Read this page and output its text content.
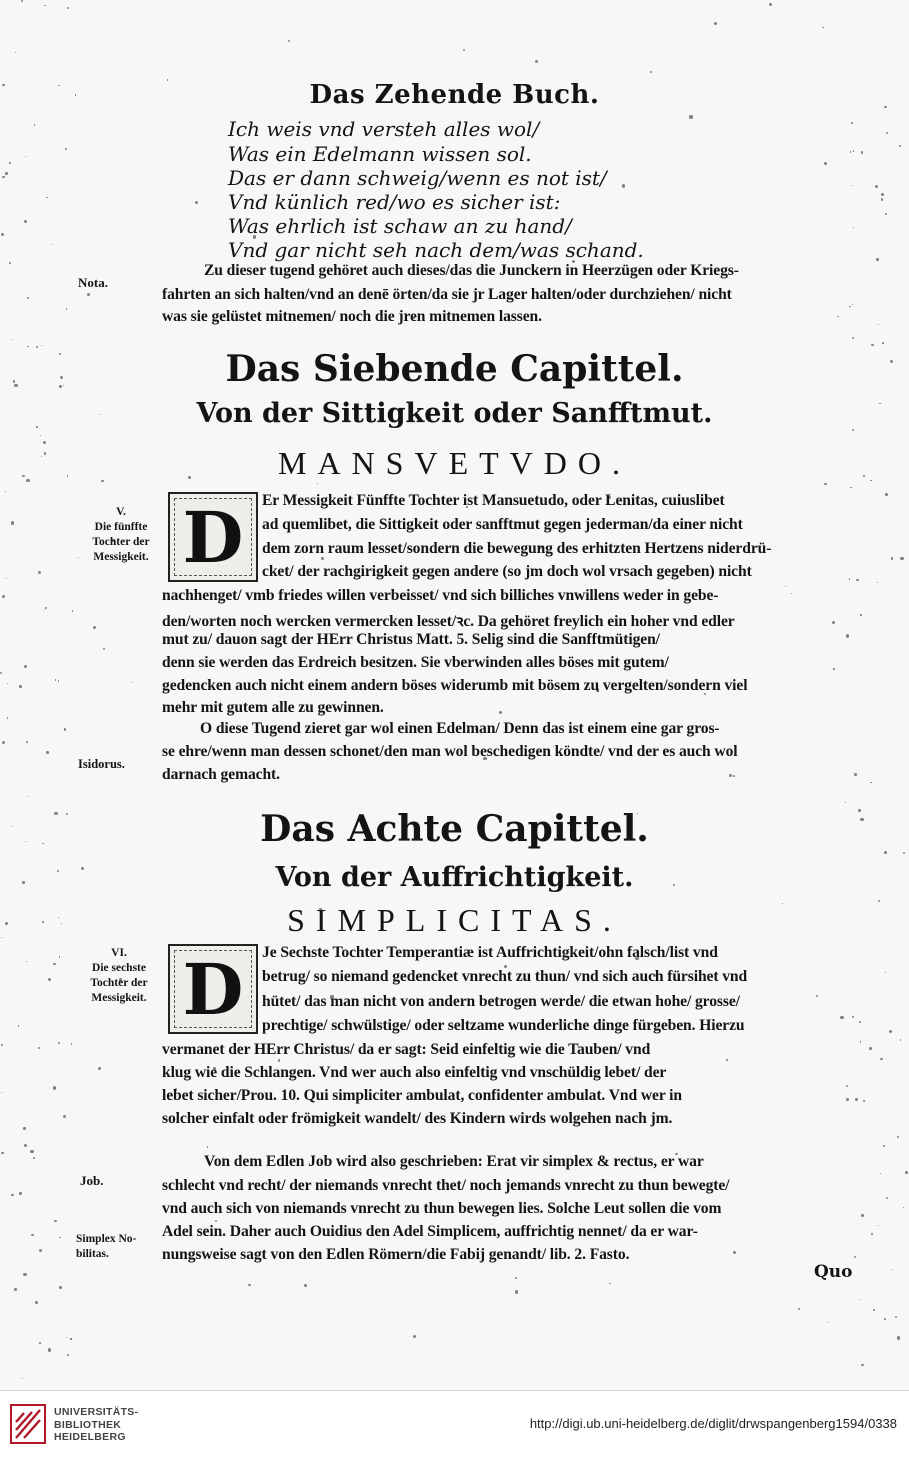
Das Zehende Buch.
Ich weis vnd versteh alles wol/
Was ein Edelmann wissen sol.
Das er dann schweig/wenn es not ist/
Vnd künlich red/wo es sicher ist:
Was ehrlich ist schaw an zu hand/
Vnd gar nicht seh nach dem/was schand.
Nota.
Zu dieser tugend gehöret auch dieses/das die Junckern in Heerzügen oder Kriegs-
fahrten an sich halten/vnd an denē örten/da sie jr Lager halten/oder durchziehen/ nicht
was sie gelüstet mitnemen/ noch die jren mitnemen lassen.
Das Siebende Capittel.
Von der Sittigkeit oder Sanfftmut.
MANSVETVDO.
V.
Die fünffte
Tochter der
Messigkeit. D	Er Messigkeit Fünffte Tochter ist Mansuetudo, oder Lenitas, cuiuslibet
ad quemlibet, die Sittigkeit oder sanfftmut gegen jederman/da einer nicht
dem zorn raum lesset/sondern die bewegung des erhitzten Hertzens niderdrü-
cket/ der rachgirigkeit gegen andere (so jm doch wol vrsach gegeben) nicht
nachhenget/ vmb friedes willen verbeisset/ vnd sich billiches vnwillens weder in gebe-
den/worten noch wercken vermercken lesset/ꝛc. Da gehöret freylich ein hoher vnd edler
mut zu/ dauon sagt der HErr Christus Matt. 5. Selig sind die Sanfftmütigen/
denn sie werden das Erdreich besitzen. Sie vberwinden alles böses mit gutem/
gedencken auch nicht einem andern böses widerumb mit bösem zu vergelten/sondern viel
mehr mit gutem alle zu gewinnen.
Isidorus.
O diese Tugend zieret gar wol einen Edelman/ Denn das ist einem eine gar gros-
se ehre/wenn man dessen schonet/den man wol beschedigen köndte/ vnd der es auch wol
darnach gemacht.
Das Achte Capittel.
Von der Auffrichtigkeit.
SIMPLICITAS.
VI.
Die sechste
Tochter der
Messigkeit. D	Je Sechste Tochter Temperantiæ ist Auffrichtigkeit/ohn falsch/list vnd
betrug/ so niemand gedencket vnrecht zu thun/ vnd sich auch fürsihet vnd
hütet/ das man nicht von andern betrogen werde/ die etwan hohe/ grosse/
prechtige/ schwülstige/ oder seltzame wunderliche dinge fürgeben. Hierzu
vermanet der HErr Christus/ da er sagt: Seid einfeltig wie die Tauben/ vnd
klug wie die Schlangen. Vnd wer auch also einfeltig vnd vnschüldig lebet/ der
lebet sicher/Prou. 10. Qui simpliciter ambulat, confidenter ambulat. Vnd wer in
solcher einfalt oder frömigkeit wandelt/ des Kindern wirds wolgehen nach jm.
Job.
Simplex No-
bilitas.
Von dem Edlen Job wird also geschrieben: Erat vir simplex & rectus, er war
schlecht vnd recht/ der niemands vnrecht thet/ noch jemands vnrecht zu thun bewegte/
vnd auch sich von niemands vnrecht zu thun bewegen lies. Solche Leut sollen die vom
Adel sein. Daher auch Ouidius den Adel Simplicem, auffrichtig nennet/ da er war-
nungsweise sagt von den Edlen Römern/die Fabij genandt/ lib. 2. Fasto.
Quo
UNIVERSITÄTS-
BIBLIOTHEK
HEIDELBERG
http://digi.ub.uni-heidelberg.de/diglit/drwspangenberg1594/0338
